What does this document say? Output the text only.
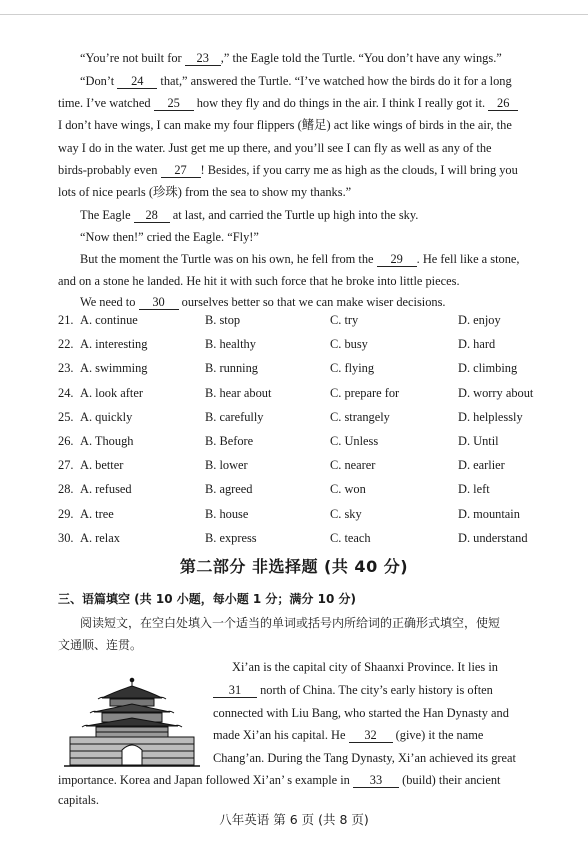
“You’re not built for 23 ,” the Eagle told the Turtle. “You don’t have any wings.”
“Don’t 24 that,” answered the Turtle. “I’ve watched how the birds do it for a long
time. I’ve watched 25 how they fly and do things in the air. I think I really got it. 26
I don’t have wings, I can make my four flippers (鳍足) act like wings of birds in the air, the
way I do in the water. Just get me up there, and you’ll see I can fly as well as any of the
birds-probably even 27 ! Besides, if you carry me as high as the clouds, I will bring you
lots of nice pearls (珍珠) from the sea to show my thanks.”
The Eagle 28 at last, and carried the Turtle up high into the sky.
“Now then!” cried the Eagle. “Fly!”
But the moment the Turtle was on his own, he fell from the 29 . He fell like a stone,
and on a stone he landed. He hit it with such force that he broke into little pieces.
We need to 30 ourselves better so that we can make wiser decisions.
21. A. continue	B. stop	C. try	D. enjoy
22. A. interesting	B. healthy	C. busy	D. hard
23. A. swimming	B. running	C. flying	D. climbing
24. A. look after	B. hear about	C. prepare for	D. worry about
25. A. quickly	B. carefully	C. strangely	D. helplessly
26. A. Though	B. Before	C. Unless	D. Until
27. A. better	B. lower	C. nearer	D. earlier
28. A. refused	B. agreed	C. won	D. left
29. A. tree	B. house	C. sky	D. mountain
30. A. relax	B. express	C. teach	D. understand
第二部分 非选择题 (共 40 分)
三、语篇填空 (共 10 小题，每小题 1 分；满分 10 分)
阅读短文，在空白处填入一个适当的单词或括号内所给词的正确形式填空，使短
文通顺、连贯。
Xi’an is the capital city of Shaanxi Province. It lies in
31 north of China. The city’s early history is often
connected with Liu Bang, who started the Han Dynasty and
made Xi’an his capital. He 32 (give) it the name
Chang’an. During the Tang Dynasty, Xi’an achieved its great
importance. Korea and Japan followed Xi’an’ s example in 33 (build) their ancient
capitals.
八年英语 第 6 页 (共 8 页)
